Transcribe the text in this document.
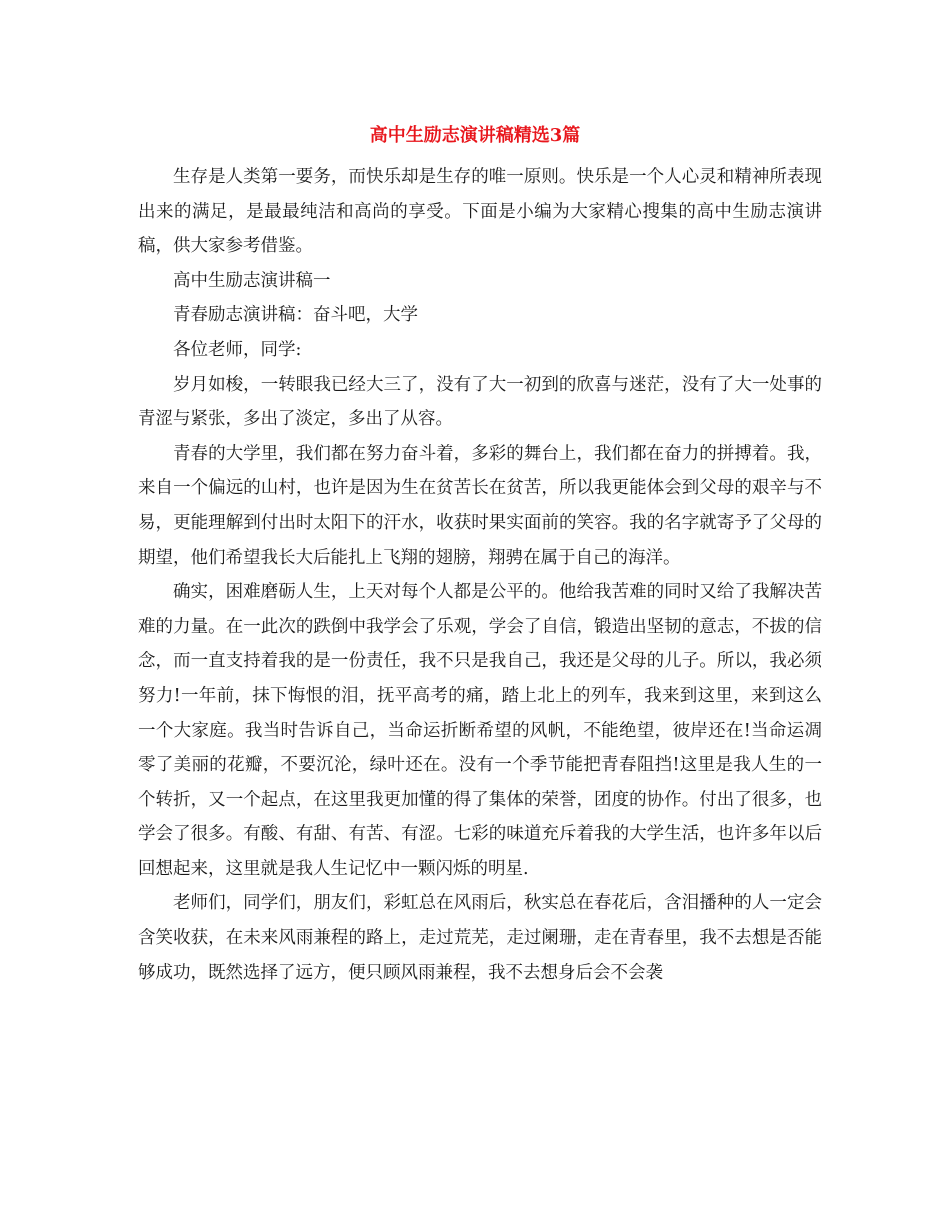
高中生励志演讲稿精选3篇

生存是人类第一要务，而快乐却是生存的唯一原则。快乐是一个人心灵和精神所表现出来的满足，是最最纯洁和高尚的享受。下面是小编为大家精心搜集的高中生励志演讲稿，供大家参考借鉴。

高中生励志演讲稿一

青春励志演讲稿：奋斗吧，大学

各位老师，同学:

岁月如梭，一转眼我已经大三了，没有了大一初到的欣喜与迷茫，没有了大一处事的青涩与紧张，多出了淡定，多出了从容。

青春的大学里，我们都在努力奋斗着，多彩的舞台上，我们都在奋力的拼搏着。我，来自一个偏远的山村，也许是因为生在贫苦长在贫苦，所以我更能体会到父母的艰辛与不易，更能理解到付出时太阳下的汗水，收获时果实面前的笑容。我的名字就寄予了父母的期望，他们希望我长大后能扎上飞翔的翅膀，翔骋在属于自己的海洋。

确实，困难磨砺人生，上天对每个人都是公平的。他给我苦难的同时又给了我解决苦难的力量。在一此次的跌倒中我学会了乐观，学会了自信，锻造出坚韧的意志，不拔的信念，而一直支持着我的是一份责任，我不只是我自己，我还是父母的儿子。所以，我必须努力!一年前，抹下悔恨的泪，抚平高考的痛，踏上北上的列车，我来到这里，来到这么一个大家庭。我当时告诉自己，当命运折断希望的风帆，不能绝望，彼岸还在!当命运凋零了美丽的花瓣，不要沉沦，绿叶还在。没有一个季节能把青春阻挡!这里是我人生的一个转折，又一个起点，在这里我更加懂的得了集体的荣誉，团度的协作。付出了很多，也学会了很多。有酸、有甜、有苦、有涩。七彩的味道充斥着我的大学生活，也许多年以后回想起来，这里就是我人生记忆中一颗闪烁的明星.

老师们，同学们，朋友们，彩虹总在风雨后，秋实总在春花后，含泪播种的人一定会含笑收获，在未来风雨兼程的路上，走过荒芜，走过阑珊，走在青春里，我不去想是否能够成功，既然选择了远方，便只顾风雨兼程，我不去想身后会不会袭
